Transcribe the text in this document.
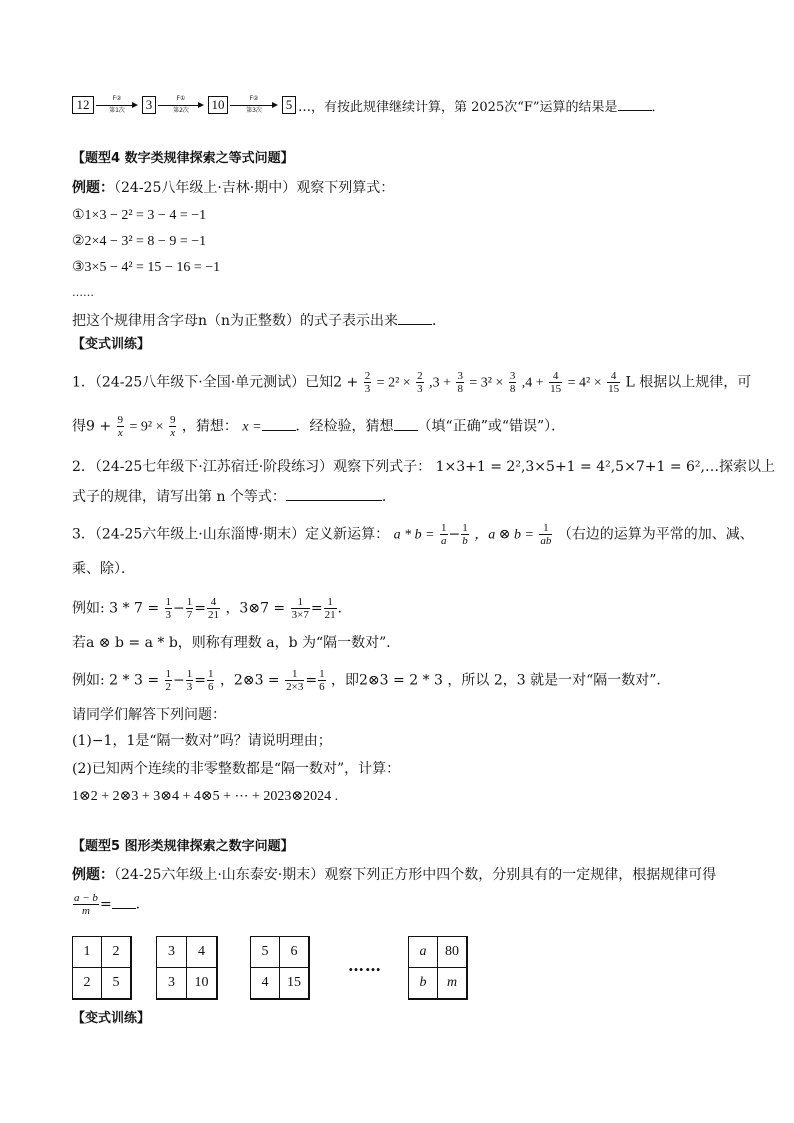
12	F②
第1次	3	F①
第2次	10	F②
第3次	5 …，有按此规律继续计算，第 2025次“F”运算的结果是	．
【题型4 数字类规律探索之等式问题】
例题：（24-25八年级上·吉林·期中）观察下列算式：
①1×3 − 2² = 3 − 4 = −1
②2×4 − 3² = 8 − 9 = −1
③3×5 − 4² = 15 − 16 = −1
……
把这个规律用含字母n（n为正整数）的式子表示出来 ．
【变式训练】
1．（24-25八年级下·全国·单元测试）已知$2 + \frac{2}{3} = 2^2 \times \frac{2}{3} ,3 + \frac{3}{8} = 3^2 \times \frac{3}{8} ,4 + \frac{4}{15} = 4^2 \times \frac{4}{15}$ L 根据以上规律，可
得$9 + \frac{9}{x} = 9^2 \times \frac{9}{x}$ ，猜想： x = ．经检验，猜想 （填“正确”或“错误”）．
2．（24-25七年级下·江苏宿迁·阶段练习）观察下列式子： 1×3+1 = 2²,3×5+1 = 4²,5×7+1 = 6²,…探索以上
式子的规律，请写出第 n 个等式：	．
3．（24-25六年级上·山东淄博·期末）定义新运算： $a * b = \frac{1}{a} - \frac{1}{b}$ ，a ⊗ $b = \frac{1}{ab}$ （右边的运算为平常的加、减、
乘、除）．
例如: $3 * 7 = \frac{1}{3} - \frac{1}{7} = \frac{4}{21}$ ，3⊗7 = $\frac{1}{3\times 7} = \frac{1}{21}$ ．
若a ⊗ b = a * b，则称有理数 a，b 为“隔一数对”．
例如: $2 * 3 = \frac{1}{2} - \frac{1}{3} = \frac{1}{6}$ ，2⊗3 = $\frac{1}{2\times 3} = \frac{1}{6}$ ，即2⊗3 = 2 * 3 ，所以 2，3 就是一对“隔一数对”．
请同学们解答下列问题：
(1)−1，1是“隔一数对”吗？请说明理由；
(2)已知两个连续的非零整数都是“隔一数对”，计算：
1⊗2 + 2⊗3 + 3⊗4 + 4⊗5 + ⋯ + 2023⊗2024 .
【题型5 图形类规律探索之数字问题】
例题：（24-25六年级上·山东泰安·期末）观察下列正方形中四个数，分别具有的一定规律，根据规律可得
$\frac{a - b}{m}$ = ．
1	2
2	5
3	4
3	10
5	6
4	15
……
a	80
b	m
【变式训练】
